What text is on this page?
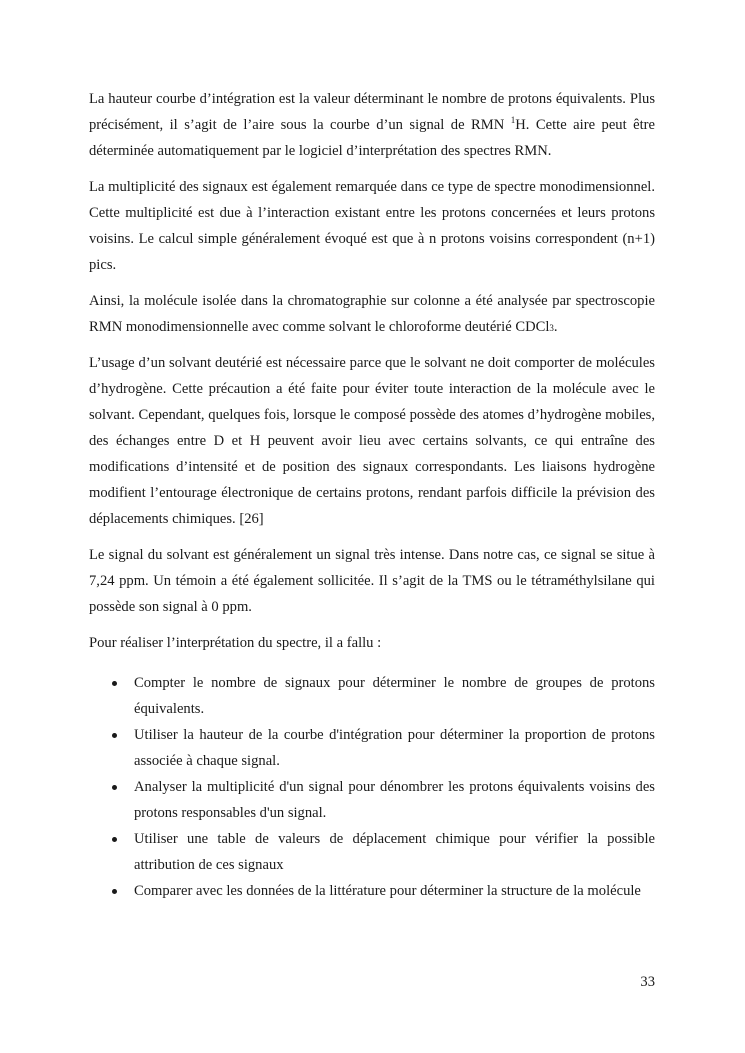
La hauteur courbe d’intégration est la valeur déterminant le nombre de protons équivalents. Plus précisément, il s’agit de l’aire sous la courbe d’un signal de RMN $^1$H. Cette aire peut être déterminée automatiquement par le logiciel d’interprétation des spectres RMN.

La multiplicité des signaux est également remarquée dans ce type de spectre monodimensionnel. Cette multiplicité est due à l’interaction existant entre les protons concernées et leurs protons voisins. Le calcul simple généralement évoqué est que à n protons voisins correspondent (n+1) pics.

Ainsi, la molécule isolée dans la chromatographie sur colonne a été analysée par spectroscopie RMN monodimensionnelle avec comme solvant le chloroforme deutérié CDCl3.

L’usage d’un solvant deutérié est nécessaire parce que le solvant ne doit comporter de molécules d’hydrogène. Cette précaution a été faite pour éviter toute interaction de la molécule avec le solvant. Cependant, quelques fois, lorsque le composé possède des atomes d’hydrogène mobiles, des échanges entre D et H peuvent avoir lieu avec certains solvants, ce qui entraîne des modifications d’intensité et de position des signaux correspondants. Les liaisons hydrogène modifient l’entourage électronique de certains protons, rendant parfois difficile la prévision des déplacements chimiques. [26]

Le signal du solvant est généralement un signal très intense. Dans notre cas, ce signal se situe à 7,24 ppm. Un témoin a été également sollicitée. Il s’agit de la TMS ou le tétraméthylsilane qui possède son signal à 0 ppm.

Pour réaliser l’interprétation du spectre, il a fallu :

Compter le nombre de signaux pour déterminer le nombre de groupes de protons équivalents.
Utiliser la hauteur de la courbe d'intégration pour déterminer la proportion de protons associée à chaque signal.
Analyser la multiplicité d'un signal pour dénombrer les protons équivalents voisins des protons responsables d'un signal.
Utiliser une table de valeurs de déplacement chimique pour vérifier la possible attribution de ces signaux
Comparer avec les données de la littérature pour déterminer la structure de la molécule
33
